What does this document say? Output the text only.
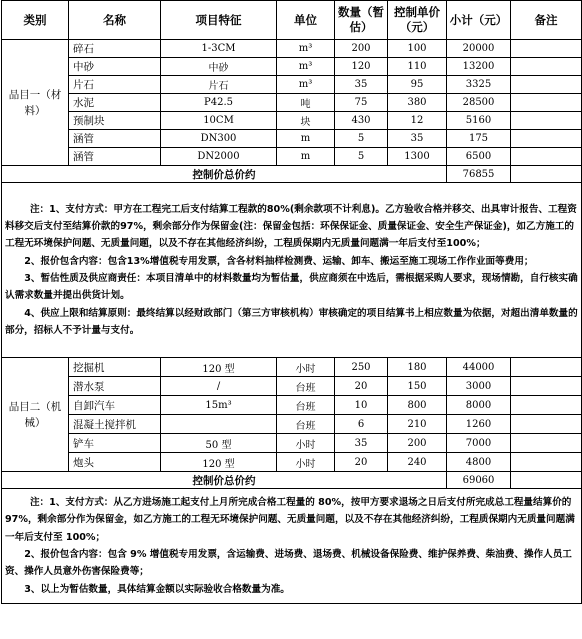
类别	名称	项目特征	单位	数量（暂估）	控制单价（元）	小计（元）	备注
品目一（材料）	碎石	1-3CM	m³	200	100	20000	
	中砂	中砂	m³	120	110	13200	
	片石	片石	m³	35	95	3325	
	水泥	P42.5	吨	75	380	28500	
	预制块	10CM	块	430	12	5160	
	涵管	DN300	m	5	35	175	
	涵管	DN2000	m	5	1300	6500	
控制价总价约						76855	

注：1、支付方式：甲方在工程完工后支付结算工程款的80%(剩余款项不计利息)。乙方验收合格并移交、出具审计报告、工程资料移交后支付至结算价款的97%，剩余部分作为保留金(注：保留金包括：环保保证金、质量保证金、安全生产保证金)，如乙方施工的工程无环境保护问题、无质量问题，以及不存在其他经济纠纷，工程质保期内无质量问题满一年后支付至100%；

2、报价包含内容：包含13%增值税专用发票，含各材料抽样检测费、运输、卸车、搬运至施工现场工作作业面等费用；

3、暂估性质及供应商责任：本项目清单中的材料数量均为暂估量，供应商须在中选后，需根据采购人要求，现场情勘，自行核实确认需求数量并提出供货计划。

4、供应上限和结算原则：最终结算以经财政部门（第三方审核机构）审核确定的项目结算书上相应数量为依据，对超出清单数量的部分，招标人不予计量与支付。							

品目二（机械）	挖掘机	120 型	小时	250	180	44000	
	潜水泵	/	台班	20	150	3000	
	自卸汽车	15m³	台班	10	800	8000	
	混凝土搅拌机		台班	6	210	1260	
	铲车	50 型	小时	35	200	7000	
	炮头	120 型	小时	20	240	4800	
控制价总价约						69060	

注：1、支付方式：从乙方进场施工起支付上月所完成合格工程量的 80%，按甲方要求退场之日后支付所完成总工程量结算价的97%，剩余部分作为保留金，如乙方施工的工程无环境保护问题、无质量问题，以及不存在其他经济纠纷，工程质保期内无质量问题满一年后支付至 100%；

2、报价包含内容：包含 9% 增值税专用发票，含运输费、进场费、退场费、机械设备保险费、维护保养费、柴油费、操作人员工资、操作人员意外伤害保险费等；

3、以上为暂估数量，具体结算金额以实际验收合格数量为准。							
